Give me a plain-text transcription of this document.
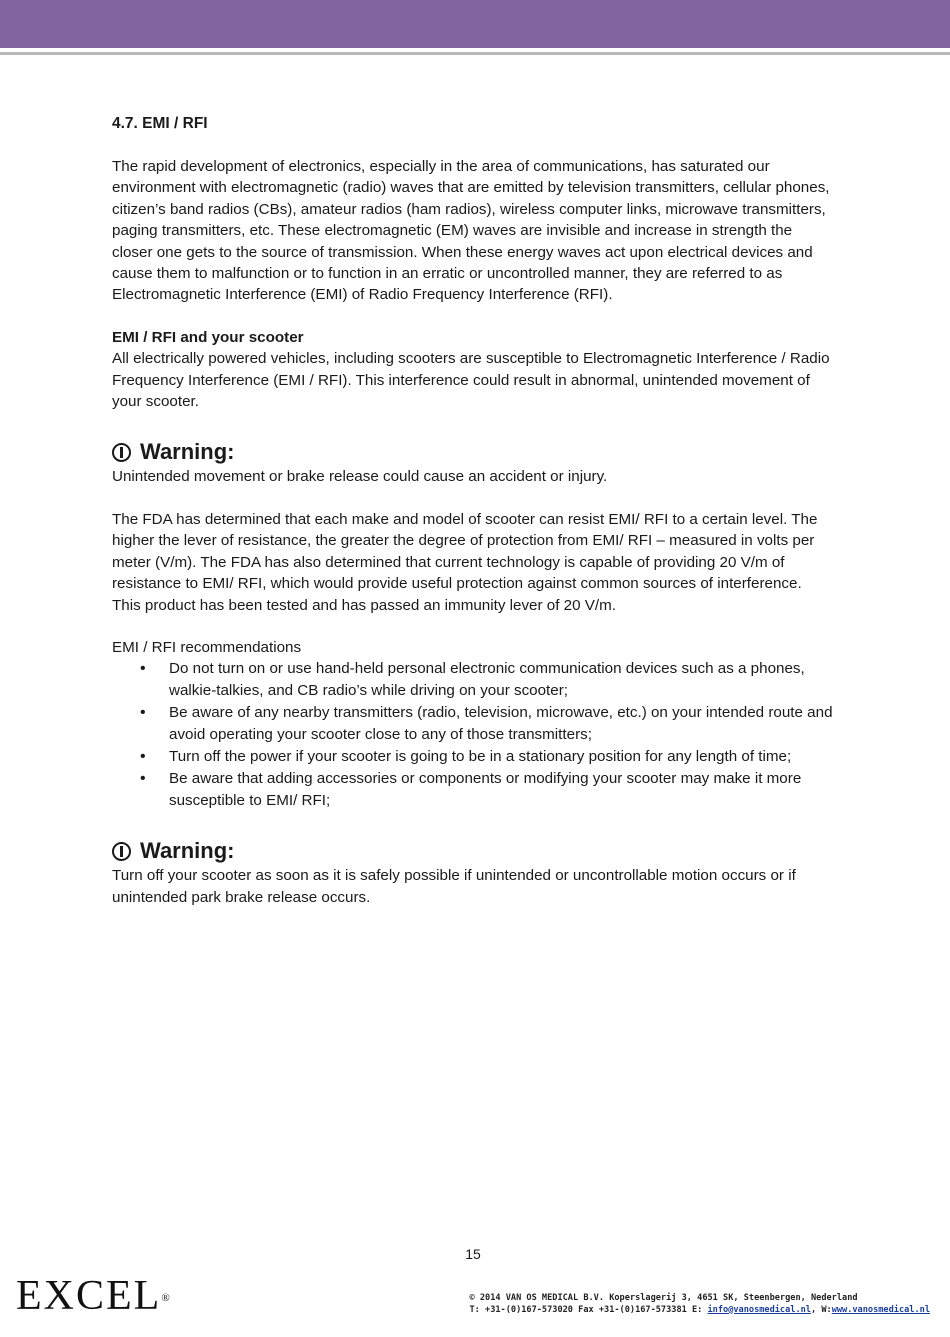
4.7. EMI / RFI

The rapid development of electronics, especially in the area of communications, has saturated our environment with electromagnetic (radio) waves that are emitted by television transmitters, cellular phones, citizen’s band radios (CBs), amateur radios (ham radios), wireless computer links, microwave transmitters, paging transmitters, etc. These electromagnetic (EM) waves are invisible and increase in strength the closer one gets to the source of transmission. When these energy waves act upon electrical devices and cause them to malfunction or to function in an erratic or uncontrolled manner, they are referred to as Electromagnetic Interference (EMI) of Radio Frequency Interference (RFI).

EMI / RFI and your scooter
All electrically powered vehicles, including scooters are susceptible to Electromagnetic Interference / Radio Frequency Interference (EMI / RFI). This interference could result in abnormal, unintended movement of your scooter.
Warning:

Unintended movement or brake release could cause an accident or injury.

The FDA has determined that each make and model of scooter can resist EMI/ RFI to a certain level. The higher the lever of resistance, the greater the degree of protection from EMI/ RFI – measured in volts per meter (V/m). The FDA has also determined that current technology is capable of providing 20 V/m of resistance to EMI/ RFI, which would provide useful protection against common sources of interference. This product has been tested and has passed an immunity lever of 20 V/m.

EMI / RFI recommendations
• Do not turn on or use hand-held personal electronic communication devices such as a phones, walkie-talkies, and CB radio’s while driving on your scooter;
• Be aware of any nearby transmitters (radio, television, microwave, etc.) on your intended route and avoid operating your scooter close to any of those transmitters;
• Turn off the power if your scooter is going to be in a stationary position for any length of time;
• Be aware that adding accessories or components or modifying your scooter may make it more susceptible to EMI/ RFI;
Warning:

Turn off your scooter as soon as it is safely possible if unintended or uncontrollable motion occurs or if unintended park brake release occurs.

15
EXCEL®	© 2014 VAN OS MEDICAL B.V. Koperslagerij 3, 4651 SK, Steenbergen, Nederland
T: +31-(0)167-573020 Fax +31-(0)167-573381 E: info@vanosmedical.nl, W:www.vanosmedical.nl
